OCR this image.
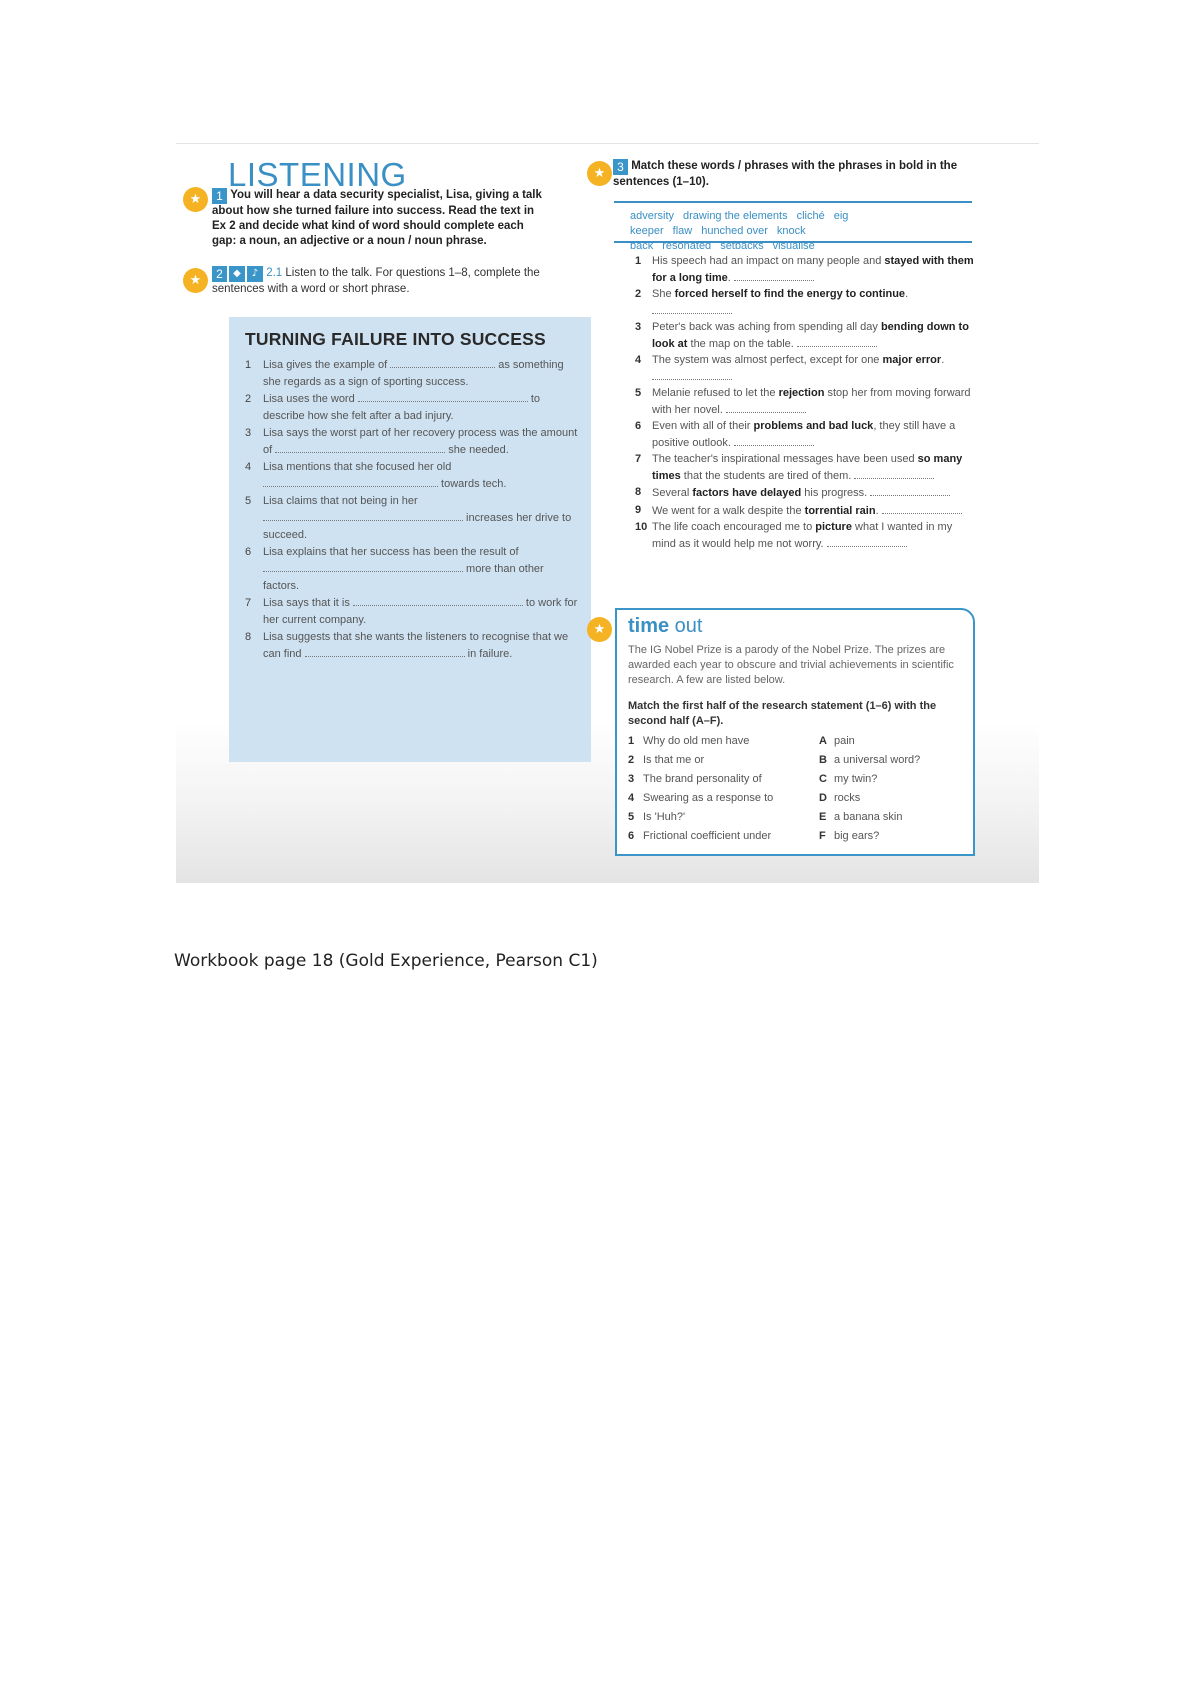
LISTENING
★	1 You will hear a data security specialist, Lisa, giving a talk about how she turned failure into success. Read the text in Ex 2 and decide what kind of word should complete each gap: a noun, an adjective or a noun / noun phrase.
★	2 ◆ ♪ 2.1 Listen to the talk. For questions 1–8, complete the sentences with a word or short phrase.
TURNING FAILURE INTO SUCCESS
1	Lisa gives the example of	as something she regards as a sign of sporting success.
2	Lisa uses the word	to describe how she felt after a bad injury.
3	Lisa says the worst part of her recovery process was the amount of	she needed.
4	Lisa mentions that she focused her old  towards tech.
5	Lisa claims that not being in her  increases her drive to succeed.
6	Lisa explains that her success has been the result of  more than other factors.
7	Lisa says that it is	to work for her current company.
8	Lisa suggests that she wants the listeners to recognise that we can find	in failure.
★ 3 Match these words / phrases with the phrases in bold in the sentences (1–10).
adversity drawing the elements cliché eig keeper flaw hunched over knock back resonated setbacks visualise
1 His speech had an impact on many people and stayed with them for a long time.
2 She forced herself to find the energy to continue.
3 Peter's back was aching from spending all day bending down to look at the map on the table.
4 The system was almost perfect, except for one major error.
5 Melanie refused to let the rejection stop her from moving forward with her novel.
6 Even with all of their problems and bad luck, they still have a positive outlook.
7 The teacher's inspirational messages have been used so many times that the students are tired of them.
8 Several factors have delayed his progress.
9 We went for a walk despite the torrential rain.
10 The life coach encouraged me to picture what I wanted in my mind as it would help me not worry.
★	time out
The IG Nobel Prize is a parody of the Nobel Prize. The prizes are awarded each year to obscure and trivial achievements in scientific research. A few are listed below.
Match the first half of the research statement (1–6) with the second half (A–F).
1 Why do old men have	A pain
2 Is that me or	B a universal word?
3 The brand personality of	C my twin?
4 Swearing as a response to	D rocks
5 Is 'Huh?'	E a banana skin
6 Frictional coefficient under	F big ears?
Workbook page 18 (Gold Experience, Pearson C1)
